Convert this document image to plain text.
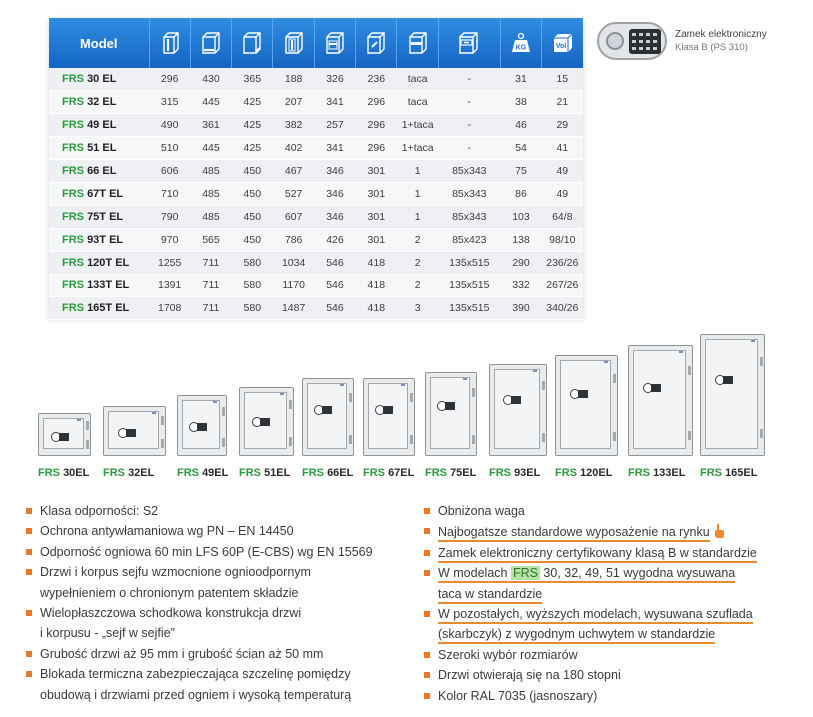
Model									KG	Vol

FRS 30 EL	296	430	365	188	326	236	taca	-	31	15
FRS 32 EL	315	445	425	207	341	296	taca	-	38	21
FRS 49 EL	490	361	425	382	257	296	1+taca	-	46	29
FRS 51 EL	510	445	425	402	341	296	1+taca	-	54	41
FRS 66 EL	606	485	450	467	346	301	1	85x343	75	49
FRS 67T EL	710	485	450	527	346	301	1	85x343	86	49
FRS 75T EL	790	485	450	607	346	301	1	85x343	103	64/8
FRS 93T EL	970	565	450	786	426	301	2	85x423	138	98/10
FRS 120T EL	1255	711	580	1034	546	418	2	135x515	290	236/26
FRS 133T EL	1391	711	580	1170	546	418	2	135x515	332	267/26
FRS 165T EL	1708	711	580	1487	546	418	3	135x515	390	340/26
Zamek elektroniczny
Klasa B (PS 310)
FRS 30EL FRS 32EL FRS 49EL FRS 51EL FRS 66EL FRS 67EL FRS 75EL FRS 93EL FRS 120EL FRS 133EL FRS 165EL
Klasa odporności: S2
Ochrona antywłamaniowa wg PN – EN 14450
Odporność ogniowa 60 min LFS 60P (E-CBS) wg EN 15569
Drzwi i korpus sejfu wzmocnione ognioodpornym
wypełnieniem o chronionym patentem składzie
Wielopłaszczowa schodkowa konstrukcja drzwi
i korpusu - „sejf w sejfie”
Grubość drzwi aż 95 mm i grubość ścian aż 50 mm
Blokada termiczna zabezpieczająca szczelinę pomiędzy
obudową i drzwiami przed ogniem i wysoką temperaturą
Obniżona waga
Najbogatsze standardowe wyposażenie na rynku
Zamek elektroniczny certyfikowany klasą B w standardzie
W modelach FRS 30, 32, 49, 51 wygodna wysuwana
taca w standardzie
W pozostałych, wyższych modelach, wysuwana szuflada
(skarbczyk) z wygodnym uchwytem w standardzie
Szeroki wybór rozmiarów
Drzwi otwierają się na 180 stopni
Kolor RAL 7035 (jasnoszary)
